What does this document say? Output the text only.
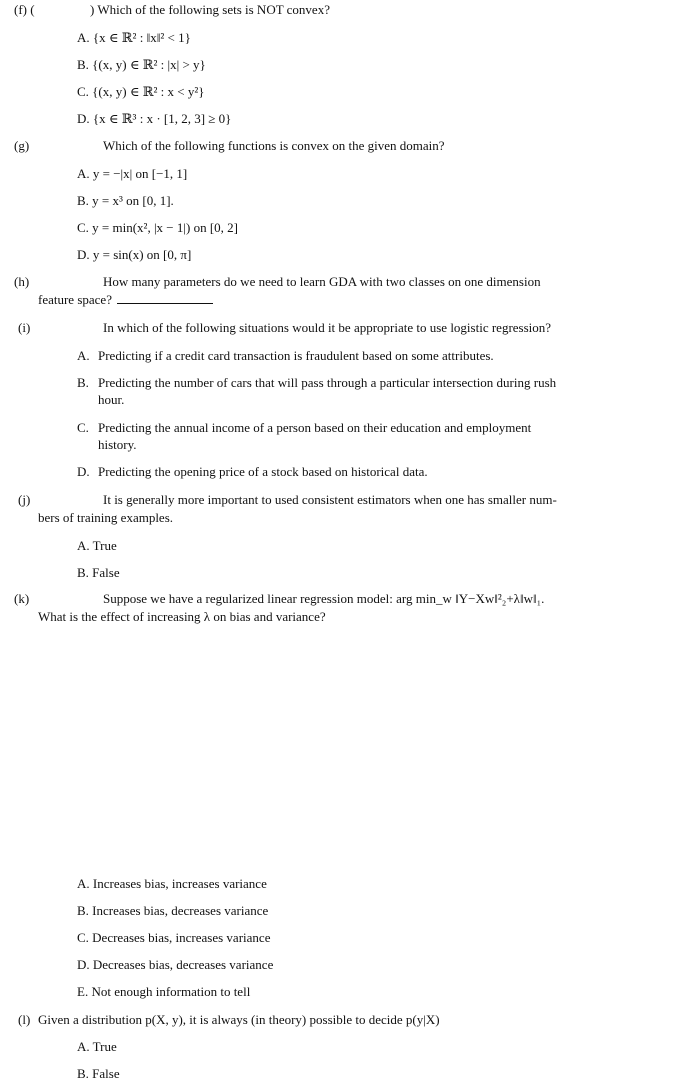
(f) (	) Which of the following sets is NOT convex?
A. {x ∈ ℝ² : ‖x‖² < 1}
B. {(x, y) ∈ ℝ² : |x| > y}
C. {(x, y) ∈ ℝ² : x < y²}
D. {x ∈ ℝ³ : x · [1, 2, 3] ≥ 0}
(g)	Which of the following functions is convex on the given domain?
A. y = −|x| on [−1, 1]
B. y = x³ on [0, 1].
C. y = min(x², |x − 1|) on [0, 2]
D. y = sin(x) on [0, π]
(h)	How many parameters do we need to learn GDA with two classes on one dimension
feature space?
(i)	In which of the following situations would it be appropriate to use logistic regression?
A. Predicting if a credit card transaction is fraudulent based on some attributes.
B. Predicting the number of cars that will pass through a particular intersection during rush
hour.
C. Predicting the annual income of a person based on their education and employment
history.
D. Predicting the opening price of a stock based on historical data.
(j)	It is generally more important to used consistent estimators when one has smaller num-
bers of training examples.
A. True
B. False
(k)	Suppose we have a regularized linear regression model: arg min_w ‖Y−Xw‖²₂+λ‖w‖₁.
What is the effect of increasing λ on bias and variance?
A. Increases bias, increases variance
B. Increases bias, decreases variance
C. Decreases bias, increases variance
D. Decreases bias, decreases variance
E. Not enough information to tell
(l) Given a distribution p(X, y), it is always (in theory) possible to decide p(y|X)
A. True
B. False
